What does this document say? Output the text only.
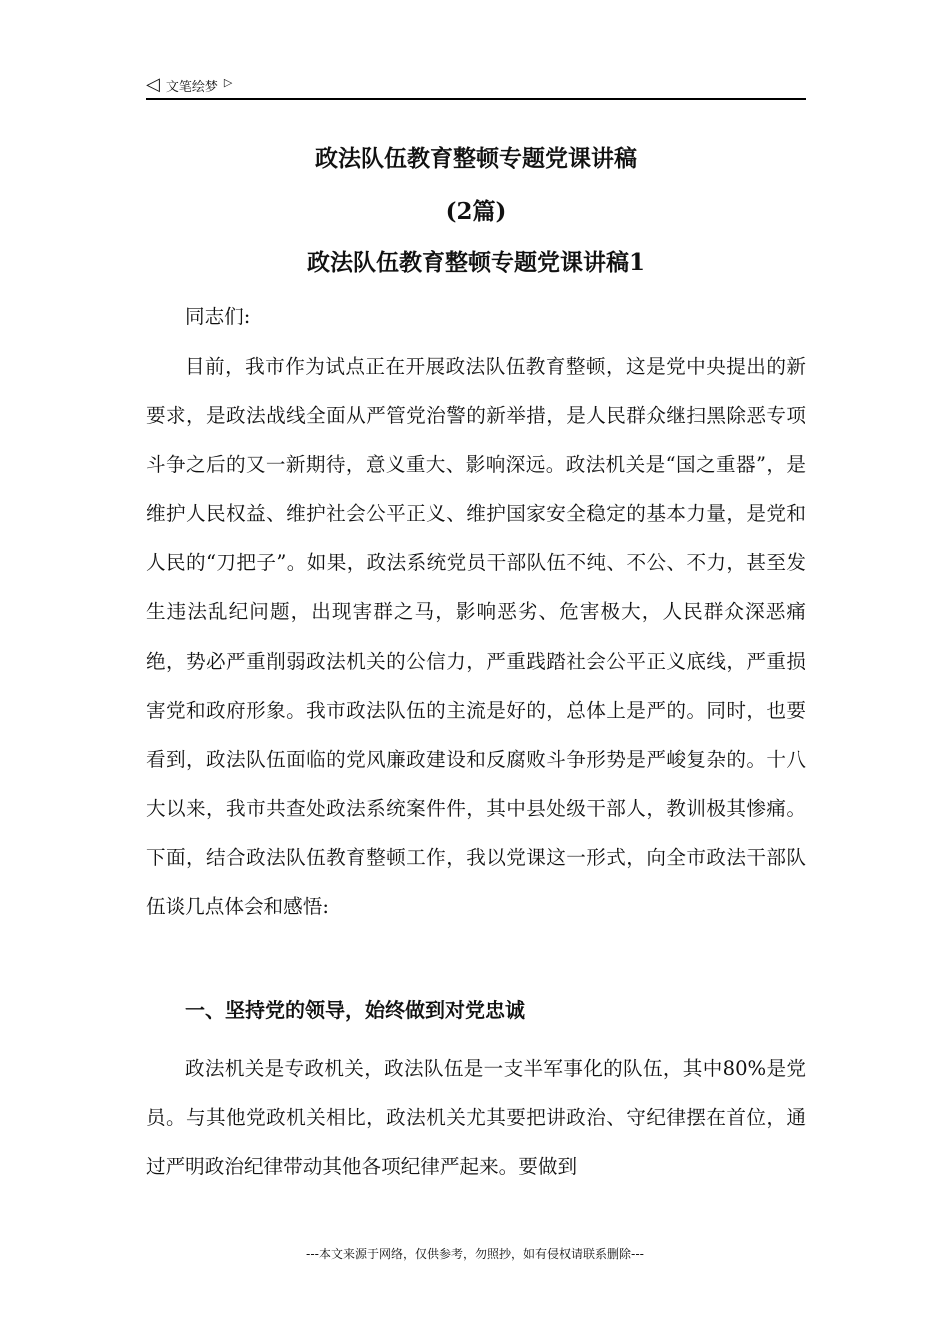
◁ 文笔绘梦 ▷
政法队伍教育整顿专题党课讲稿
(2篇)
政法队伍教育整顿专题党课讲稿1
同志们:
目前，我市作为试点正在开展政法队伍教育整顿，这是党中央提出的新要求，是政法战线全面从严管党治警的新举措，是人民群众继扫黑除恶专项斗争之后的又一新期待，意义重大、影响深远。政法机关是“国之重器”，是维护人民权益、维护社会公平正义、维护国家安全稳定的基本力量，是党和人民的“刀把子”。如果，政法系统党员干部队伍不纯、不公、不力，甚至发生违法乱纪问题，出现害群之马，影响恶劣、危害极大，人民群众深恶痛绝，势必严重削弱政法机关的公信力，严重践踏社会公平正义底线，严重损害党和政府形象。我市政法队伍的主流是好的，总体上是严的。同时，也要看到，政法队伍面临的党风廉政建设和反腐败斗争形势是严峻复杂的。十八大以来，我市共查处政法系统案件件，其中县处级干部人，教训极其惨痛。下面，结合政法队伍教育整顿工作，我以党课这一形式，向全市政法干部队伍谈几点体会和感悟:
一、坚持党的领导，始终做到对党忠诚
政法机关是专政机关，政法队伍是一支半军事化的队伍，其中80%是党员。与其他党政机关相比，政法机关尤其要把讲政治、守纪律摆在首位，通过严明政治纪律带动其他各项纪律严起来。要做到
---本文来源于网络，仅供参考，勿照抄，如有侵权请联系删除---
